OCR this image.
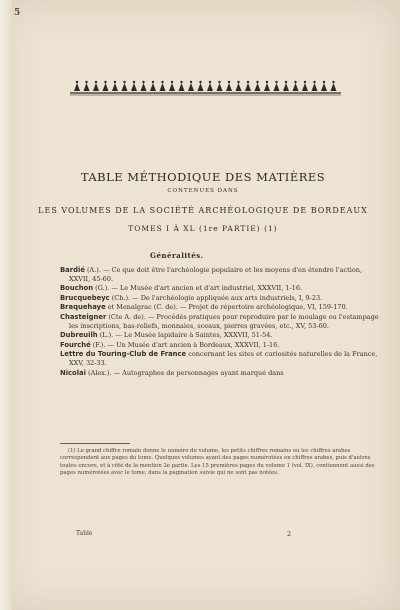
5
TABLE MÉTHODIQUE DES MATIÈRES
CONTENUES DANS
LES VOLUMES DE LA SOCIÉTÉ ARCHÉOLOGIQUE DE BORDEAUX
TOMES I À XL (1re PARTIE) (1)
Généralités.
Bardié (A.). — Ce que doit être l'archéologie populaire et les moyens d'en étendre l'action, XXVII, 45-60.
Bouchon (G.). — Le Musée d'art ancien et d'art industriel, XXXVII, 1-16.
Brucquebeyc (Ch.). — De l'archéologie appliquée aux arts industriels, I, 9-23.
Braquehaye et Menalgrac (C. de). — Projet de répertoire archéologique, VI, 159-170.
Chasteigner (Cte A. de). — Procédés pratiques pour reproduire par le moulage ou l'estampage les inscriptions, bas-reliefs, monnaies, sceaux, pierres gravées, etc., XV, 53-60.
Dubreuilh (L.). — Le Musée lapidaire à Saintes, XXXVII, 51-54.
Fourché (F.). — Un Musée d'art ancien à Bordeaux, XXXVII, 1-16.
Lettre du Touring-Club de France concernant les sites et curiosités naturelles de la France, XXV, 32-33.
Nicolai (Alex.). — Autographes de personnages ayant marqué dans
(1) Le grand chiffre romain donne le numéro du volume, les petits chiffres romains ou les chiffres arabes correspondent aux pages du tome. Quelques volumes ayant des pages numérotées en chiffres arabes, puis d'autres toutes encore, et à côté de la mention 2e partie. Les 15 premières pages du volume 1 (vol. IX), contiennent aussi des pages numérotées avec le tome, dans la pagination suivie qui ne sont pas notées.
Table	2
